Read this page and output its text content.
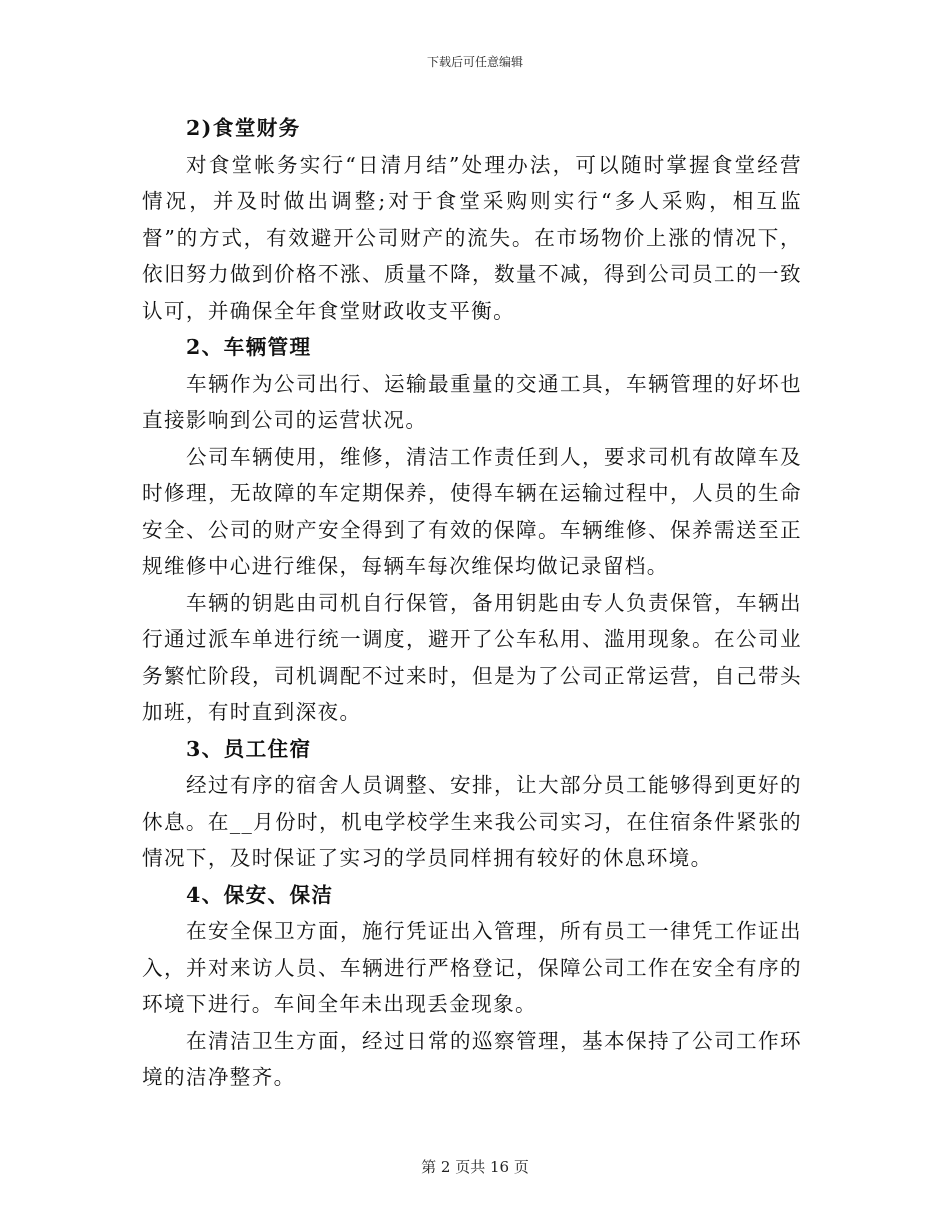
下载后可任意编辑

2)食堂财务

对食堂帐务实行“日清月结”处理办法，可以随时掌握食堂经营情况，并及时做出调整;对于食堂采购则实行“多人采购，相互监督”的方式，有效避开公司财产的流失。在市场物价上涨的情况下，依旧努力做到价格不涨、质量不降，数量不减，得到公司员工的一致认可，并确保全年食堂财政收支平衡。

2、车辆管理

车辆作为公司出行、运输最重量的交通工具，车辆管理的好坏也直接影响到公司的运营状况。

公司车辆使用，维修，清洁工作责任到人，要求司机有故障车及时修理，无故障的车定期保养，使得车辆在运输过程中，人员的生命安全、公司的财产安全得到了有效的保障。车辆维修、保养需送至正规维修中心进行维保，每辆车每次维保均做记录留档。

车辆的钥匙由司机自行保管，备用钥匙由专人负责保管，车辆出行通过派车单进行统一调度，避开了公车私用、滥用现象。在公司业务繁忙阶段，司机调配不过来时，但是为了公司正常运营，自己带头加班，有时直到深夜。

3、员工住宿

经过有序的宿舍人员调整、安排，让大部分员工能够得到更好的休息。在__月份时，机电学校学生来我公司实习，在住宿条件紧张的情况下，及时保证了实习的学员同样拥有较好的休息环境。

4、保安、保洁

在安全保卫方面，施行凭证出入管理，所有员工一律凭工作证出入，并对来访人员、车辆进行严格登记，保障公司工作在安全有序的环境下进行。车间全年未出现丢金现象。

在清洁卫生方面，经过日常的巡察管理，基本保持了公司工作环境的洁净整齐。

第 2 页共 16 页
